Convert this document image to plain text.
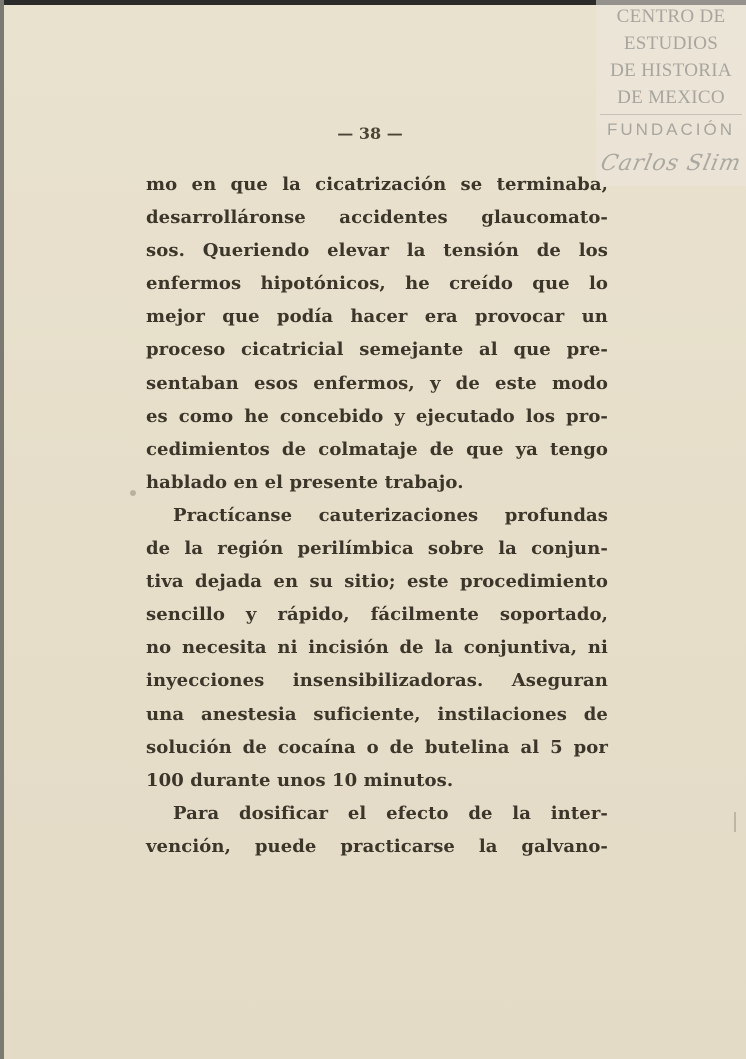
CENTRO DE
ESTUDIOS
DE HISTORIA
DE MEXICO
FUNDACIÓN
Carlos Slim
— 38 —
mo en que la cicatrización se terminaba,
desarrolláronse accidentes glaucomato-
sos. Queriendo elevar la tensión de los
enfermos hipotónicos, he creído que lo
mejor que podía hacer era provocar un
proceso cicatricial semejante al que pre-
sentaban esos enfermos, y de este modo
es como he concebido y ejecutado los pro-
cedimientos de colmataje de que ya tengo
hablado en el presente trabajo.
Practícanse cauterizaciones profundas
de la región perilímbica sobre la conjun-
tiva dejada en su sitio; este procedimiento
sencillo y rápido, fácilmente soportado,
no necesita ni incisión de la conjuntiva, ni
inyecciones insensibilizadoras. Aseguran
una anestesia suficiente, instilaciones de
solución de cocaína o de butelina al 5 por
100 durante unos 10 minutos.
Para dosificar el efecto de la inter-
vención, puede practicarse la galvano-
